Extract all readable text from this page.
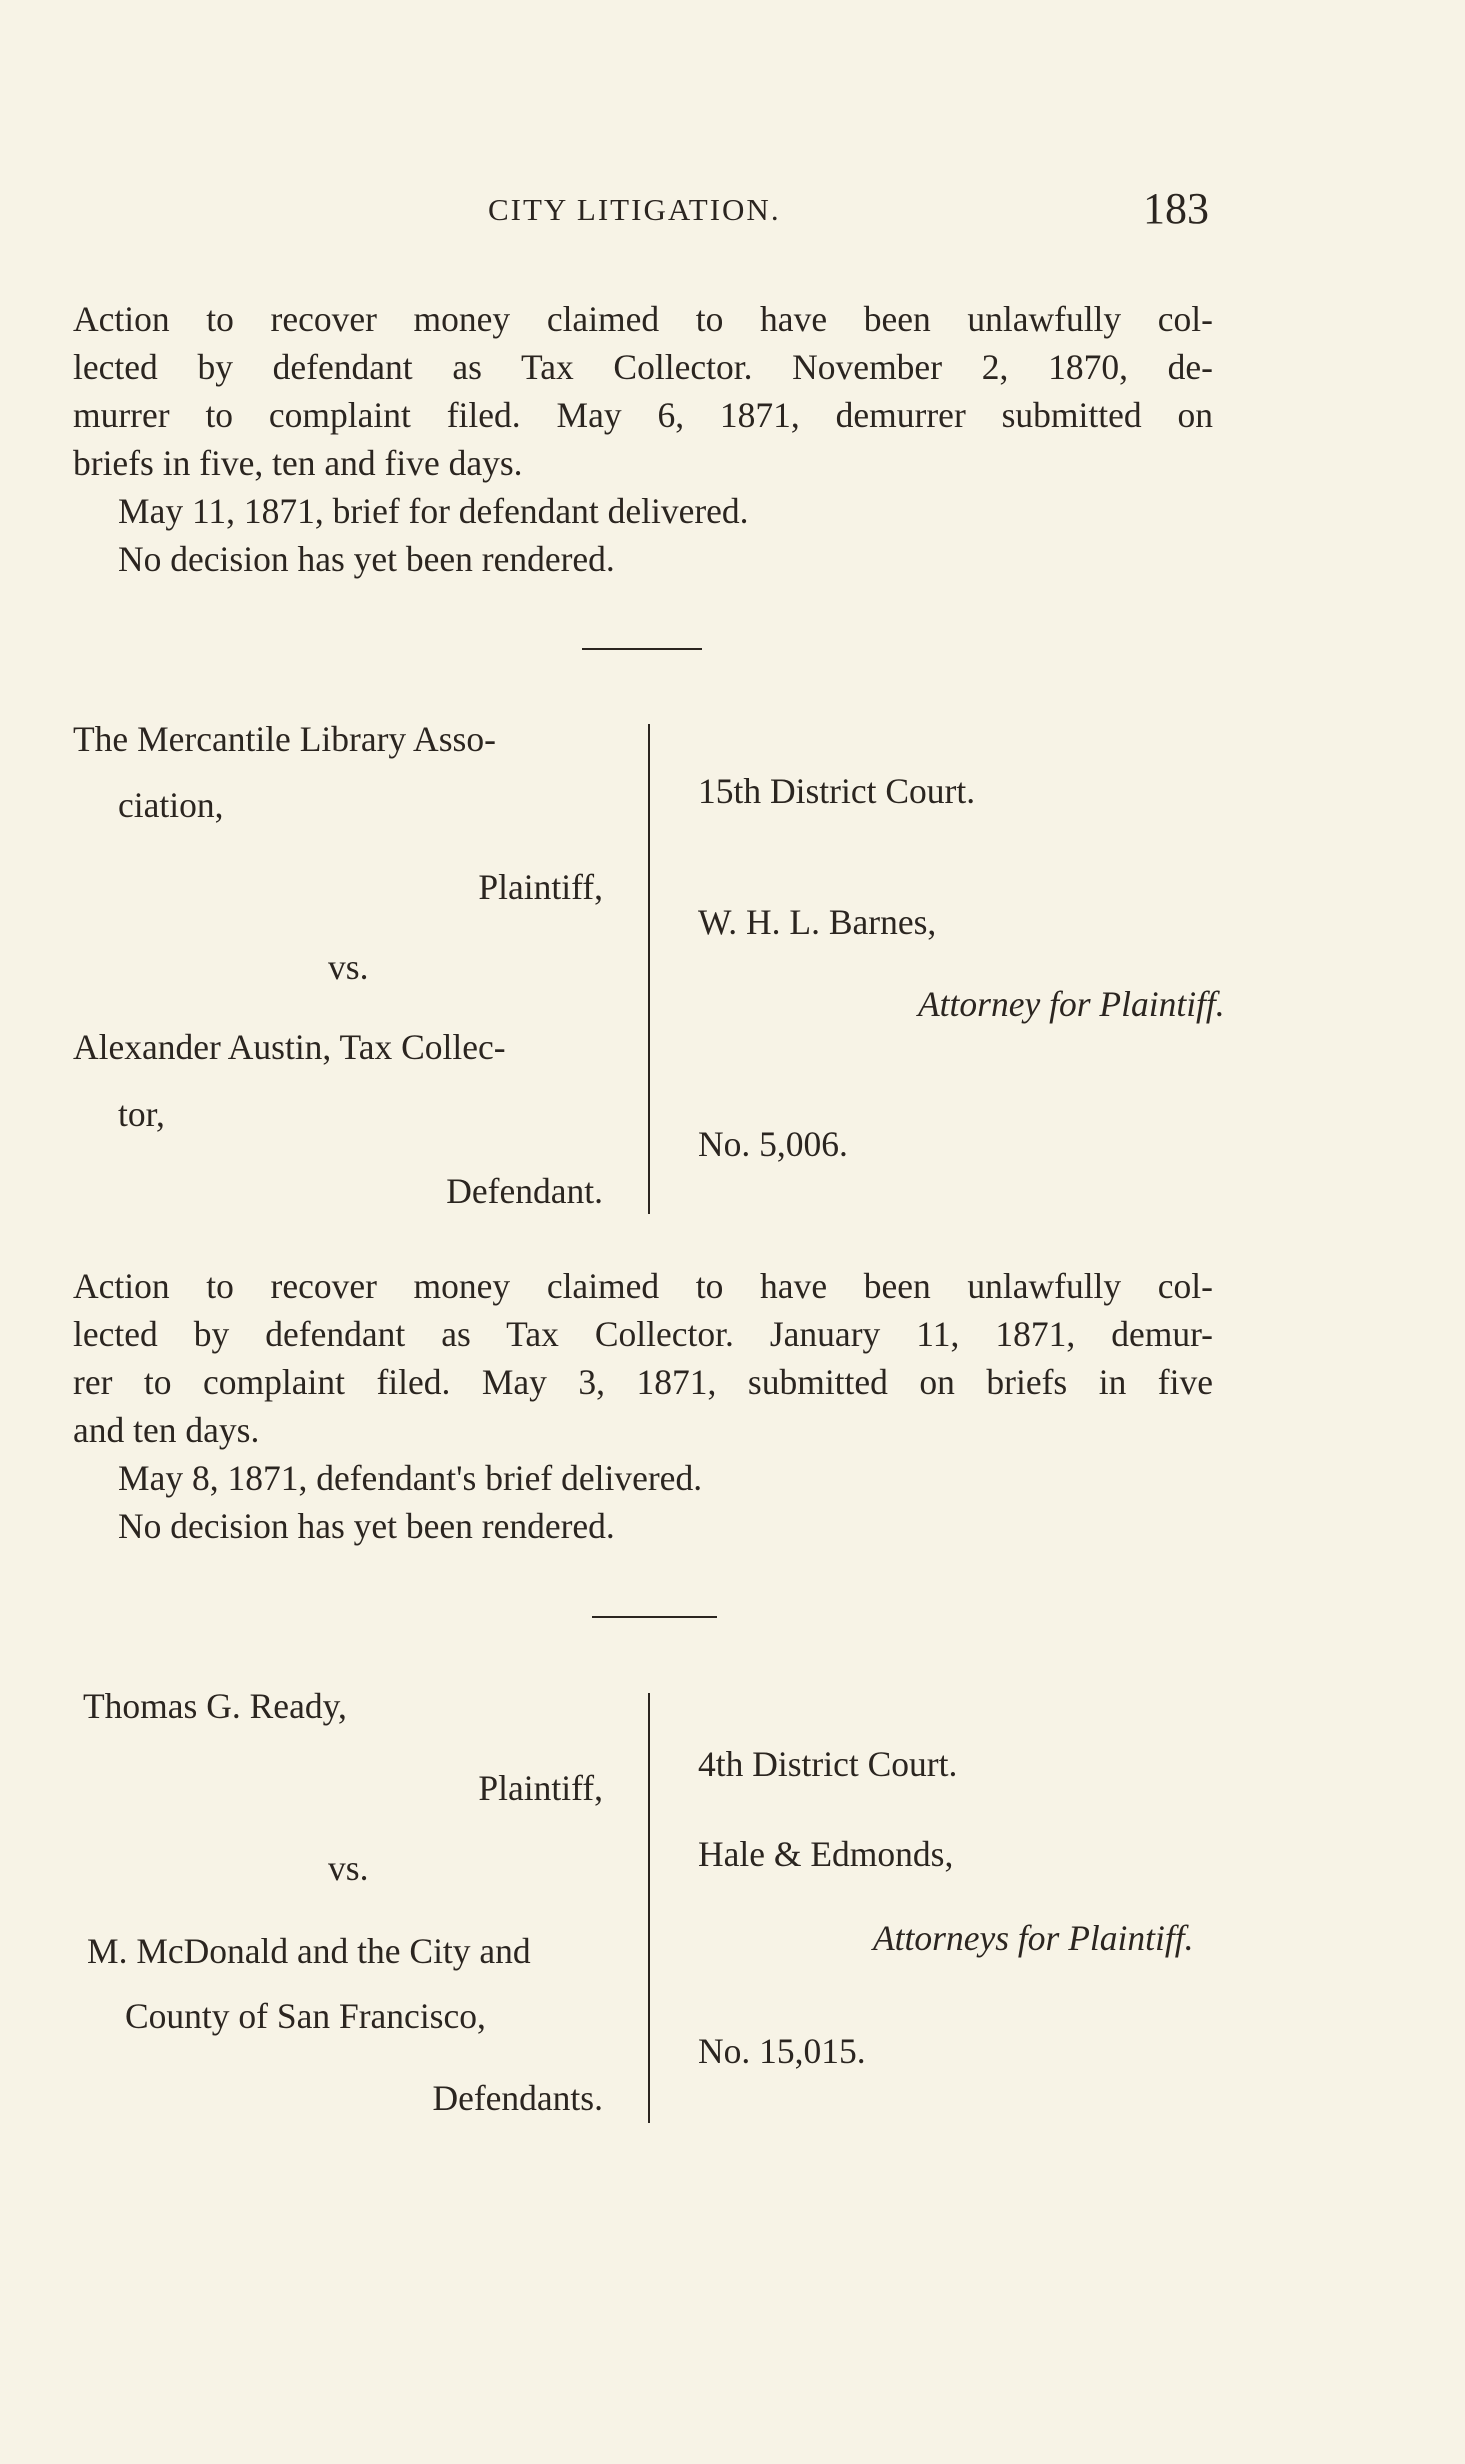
CITY LITIGATION.	183
Action to recover money claimed to have been unlawfully col-
lected by defendant as Tax Collector. November 2, 1870, de-
murrer to complaint filed. May 6, 1871, demurrer submitted on
briefs in five, ten and five days.
May 11, 1871, brief for defendant delivered.
No decision has yet been rendered.
The Mercantile Library Asso-
ciation,
Plaintiff,
vs.
Alexander Austin, Tax Collec-
tor,
Defendant.
15th District Court.
W. H. L. Barnes,
Attorney for Plaintiff.
No. 5,006.
Action to recover money claimed to have been unlawfully col-
lected by defendant as Tax Collector. January 11, 1871, demur-
rer to complaint filed. May 3, 1871, submitted on briefs in five
and ten days.
May 8, 1871, defendant's brief delivered.
No decision has yet been rendered.
Thomas G. Ready,
Plaintiff,
vs.
M. McDonald and the City and
County of San Francisco,
Defendants.
4th District Court.
Hale & Edmonds,
Attorneys for Plaintiff.
No. 15,015.
